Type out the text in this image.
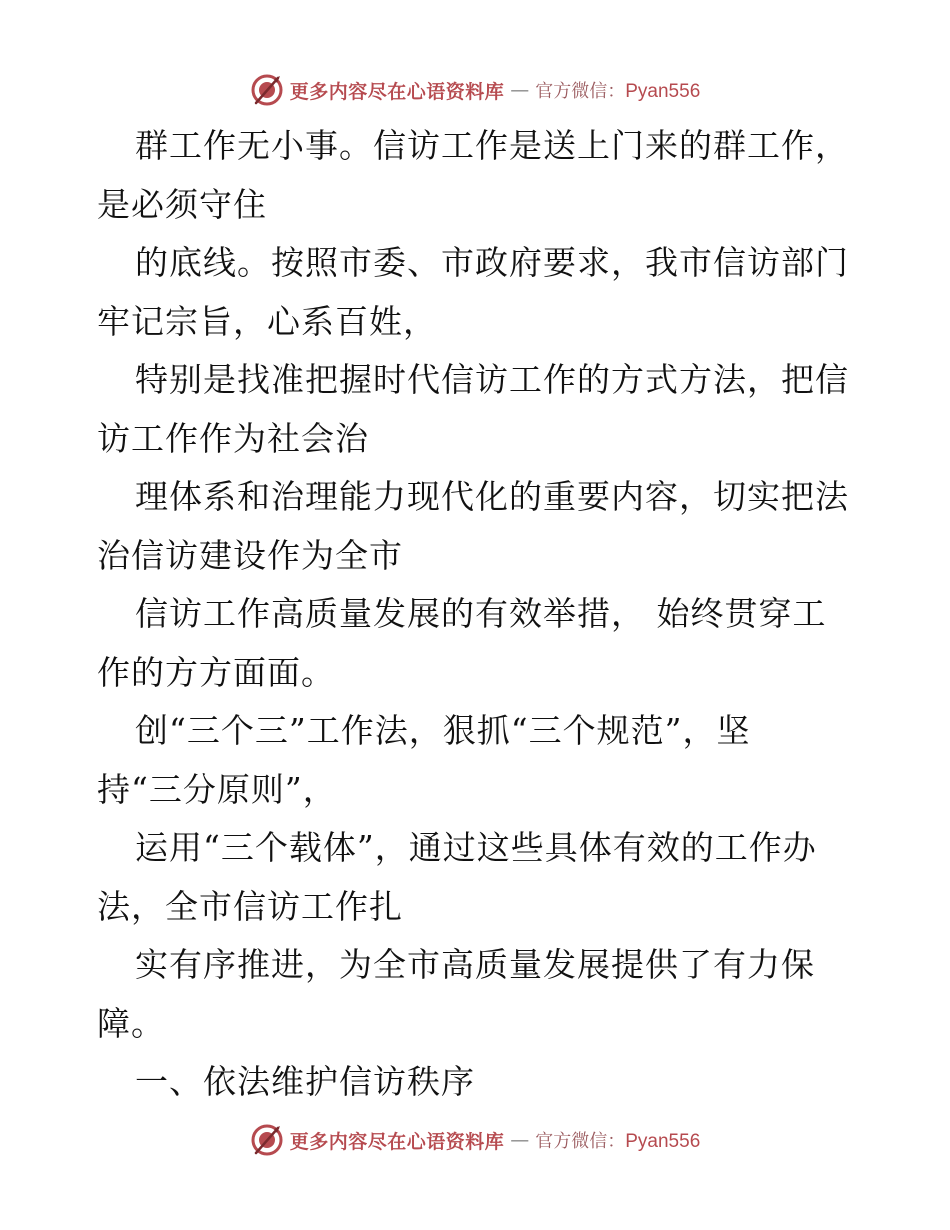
更多内容尽在心语资料库 — 官方微信：Pyan556
群工作无小事。信访工作是送上门来的群工作，
是必须守住
的底线。按照市委、市政府要求，我市信访部门
牢记宗旨，心系百姓，
特别是找准把握时代信访工作的方式方法，把信
访工作作为社会治
理体系和治理能力现代化的重要内容，切实把法
治信访建设作为全市
信访工作高质量发展的有效举措， 始终贯穿工
作的方方面面。
创“三个三”工作法，狠抓“三个规范”，坚
持“三分原则”，
运用“三个载体”，通过这些具体有效的工作办
法，全市信访工作扎
实有序推进，为全市高质量发展提供了有力保
障。
一、依法维护信访秩序
更多内容尽在心语资料库 — 官方微信：Pyan556
